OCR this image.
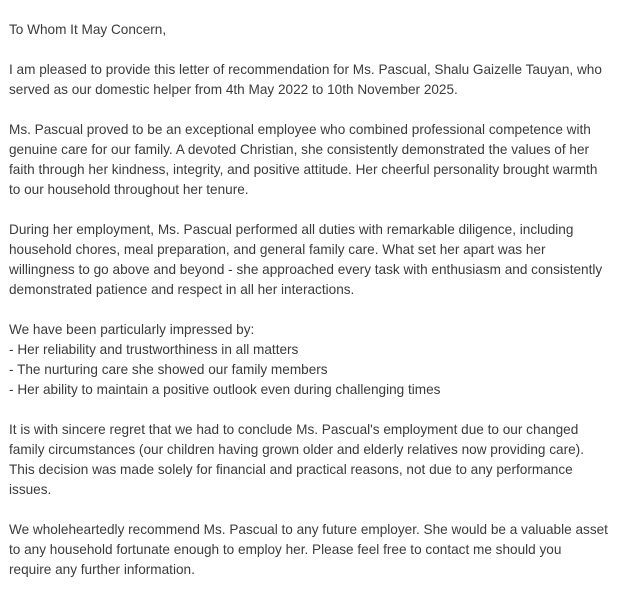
To Whom It May Concern,

I am pleased to provide this letter of recommendation for Ms. Pascual, Shalu Gaizelle Tauyan, who
served as our domestic helper from 4th May 2022 to 10th November 2025.

Ms. Pascual proved to be an exceptional employee who combined professional competence with
genuine care for our family. A devoted Christian, she consistently demonstrated the values of her
faith through her kindness, integrity, and positive attitude. Her cheerful personality brought warmth
to our household throughout her tenure.

During her employment, Ms. Pascual performed all duties with remarkable diligence, including
household chores, meal preparation, and general family care. What set her apart was her
willingness to go above and beyond - she approached every task with enthusiasm and consistently
demonstrated patience and respect in all her interactions.

We have been particularly impressed by:

- Her reliability and trustworthiness in all matters
- The nurturing care she showed our family members
- Her ability to maintain a positive outlook even during challenging times

It is with sincere regret that we had to conclude Ms. Pascual's employment due to our changed
family circumstances (our children having grown older and elderly relatives now providing care).
This decision was made solely for financial and practical reasons, not due to any performance
issues.

We wholeheartedly recommend Ms. Pascual to any future employer. She would be a valuable asset
to any household fortunate enough to employ her. Please feel free to contact me should you
require any further information.
